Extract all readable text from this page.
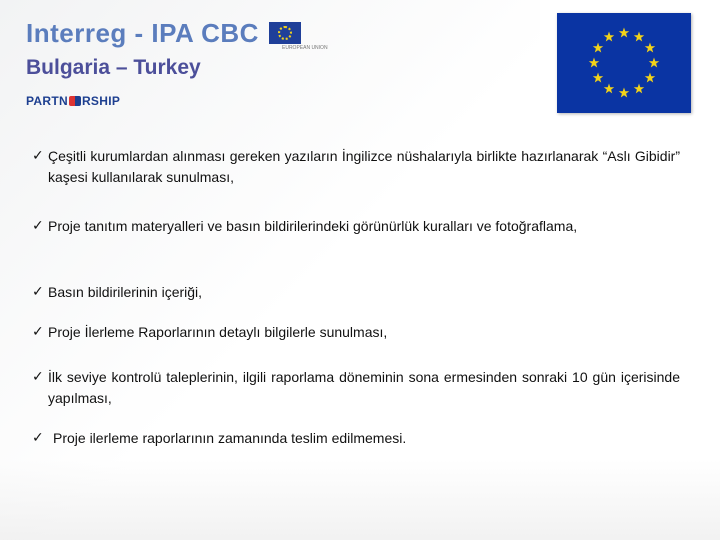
Interreg - IPA CBC	EUROPEAN UNION
Bulgaria – Turkey
PARTN RSHIP
✓ Çeşitli kurumlardan alınması gereken yazıların İngilizce nüshalarıyla birlikte hazırlanarak “Aslı Gibidir” kaşesi kullanılarak sunulması,
✓ Proje tanıtım materyalleri ve basın bildirilerindeki görünürlük kuralları ve fotoğraflama,
✓ Basın bildirilerinin içeriği,
✓ Proje İlerleme Raporlarının detaylı bilgilerle sunulması,
✓ İlk seviye kontrolü taleplerinin, ilgili raporlama döneminin sona ermesinden sonraki 10 gün içerisinde yapılması,
✓ Proje ilerleme raporlarının zamanında teslim edilmemesi.
